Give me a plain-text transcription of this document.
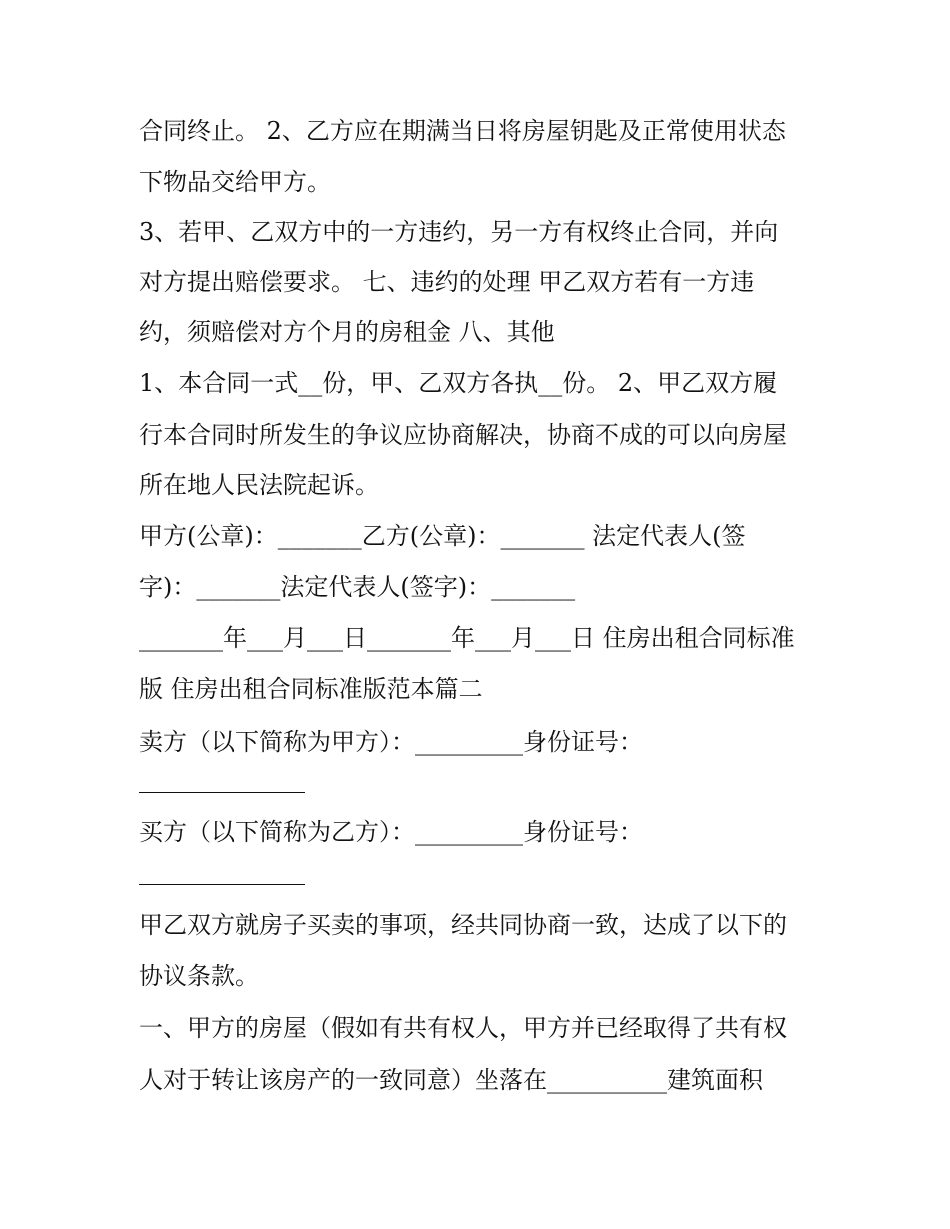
合同终止。 2、乙方应在期满当日将房屋钥匙及正常使用状态
下物品交给甲方。
3、若甲、乙双方中的一方违约，另一方有权终止合同，并向
对方提出赔偿要求。 七、违约的处理 甲乙双方若有一方违
约，须赔偿对方个月的房租金 八、其他
1、本合同一式__份，甲、乙双方各执__份。 2、甲乙双方履
行本合同时所发生的争议应协商解决，协商不成的可以向房屋
所在地人民法院起诉。
甲方(公章)：_______乙方(公章)：_______ 法定代表人(签
字)：_______法定代表人(签字)：_______
_______年___月___日_______年___月___日 住房出租合同标准
版 住房出租合同标准版范本篇二
卖方（以下简称为甲方）：_________身份证号：
买方（以下简称为乙方）：_________身份证号：
甲乙双方就房子买卖的事项，经共同协商一致，达成了以下的
协议条款。
一、甲方的房屋（假如有共有权人，甲方并已经取得了共有权
人对于转让该房产的一致同意）坐落在__________建筑面积
